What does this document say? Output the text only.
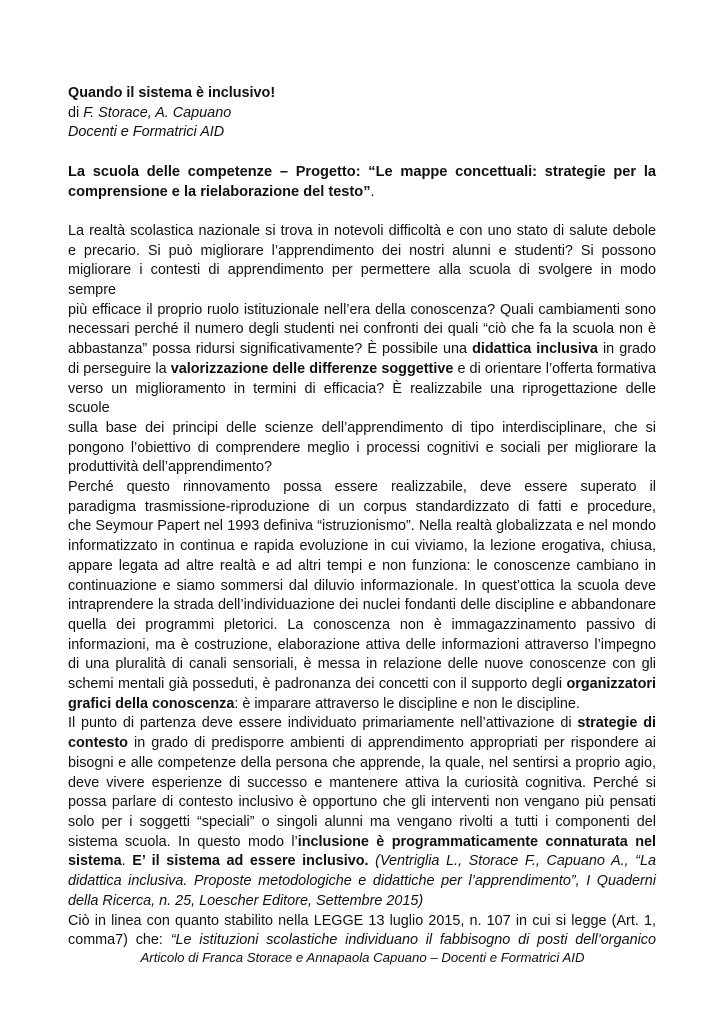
Quando il sistema è inclusivo!
di F. Storace, A. Capuano
Docenti e Formatrici AID
La scuola delle competenze – Progetto: “Le mappe concettuali: strategie per la
comprensione e la rielaborazione del testo”.
La realtà scolastica nazionale si trova in notevoli difficoltà e con uno stato di salute debole
e precario. Si può migliorare l’apprendimento dei nostri alunni e studenti? Si possono
migliorare i contesti di apprendimento per permettere alla scuola di svolgere in modo sempre
più efficace il proprio ruolo istituzionale nell’era della conoscenza? Quali cambiamenti sono
necessari perché il numero degli studenti nei confronti dei quali “ciò che fa la scuola non è
abbastanza” possa ridursi significativamente? È possibile una didattica inclusiva in grado
di perseguire la valorizzazione delle differenze soggettive e di orientare l’offerta formativa
verso un miglioramento in termini di efficacia? È realizzabile una riprogettazione delle scuole
sulla base dei principi delle scienze dell’apprendimento di tipo interdisciplinare, che si
pongono l’obiettivo di comprendere meglio i processi cognitivi e sociali per migliorare la
produttività dell’apprendimento?
Perché questo rinnovamento possa essere realizzabile, deve essere superato il
paradigma trasmissione-riproduzione di un corpus standardizzato di fatti e procedure,
che Seymour Papert nel 1993 definiva “istruzionismo”. Nella realtà globalizzata e nel mondo
informatizzato in continua e rapida evoluzione in cui viviamo, la lezione erogativa, chiusa,
appare legata ad altre realtà e ad altri tempi e non funziona: le conoscenze cambiano in
continuazione e siamo sommersi dal diluvio informazionale. In quest’ottica la scuola deve
intraprendere la strada dell’individuazione dei nuclei fondanti delle discipline e abbandonare
quella dei programmi pletorici. La conoscenza non è immagazzinamento passivo di
informazioni, ma è costruzione, elaborazione attiva delle informazioni attraverso l’impegno
di una pluralità di canali sensoriali, è messa in relazione delle nuove conoscenze con gli
schemi mentali già posseduti, è padronanza dei concetti con il supporto degli organizzatori
grafici della conoscenza: è imparare attraverso le discipline e non le discipline.
Il punto di partenza deve essere individuato primariamente nell’attivazione di strategie di
contesto in grado di predisporre ambienti di apprendimento appropriati per rispondere ai
bisogni e alle competenze della persona che apprende, la quale, nel sentirsi a proprio agio,
deve vivere esperienze di successo e mantenere attiva la curiosità cognitiva. Perché si
possa parlare di contesto inclusivo è opportuno che gli interventi non vengano più pensati
solo per i soggetti “speciali” o singoli alunni ma vengano rivolti a tutti i componenti del
sistema scuola. In questo modo l’inclusione è programmaticamente connaturata nel
sistema. E’ il sistema ad essere inclusivo. (Ventriglia L., Storace F., Capuano A., “La
didattica inclusiva. Proposte metodologiche e didattiche per l’apprendimento”, I Quaderni
della Ricerca, n. 25, Loescher Editore, Settembre 2015)
Ciò in linea con quanto stabilito nella LEGGE 13 luglio 2015, n. 107 in cui si legge (Art. 1,
comma7) che: “Le istituzioni scolastiche individuano il fabbisogno di posti dell’organico
Articolo di Franca Storace e Annapaola Capuano – Docenti e Formatrici AID
